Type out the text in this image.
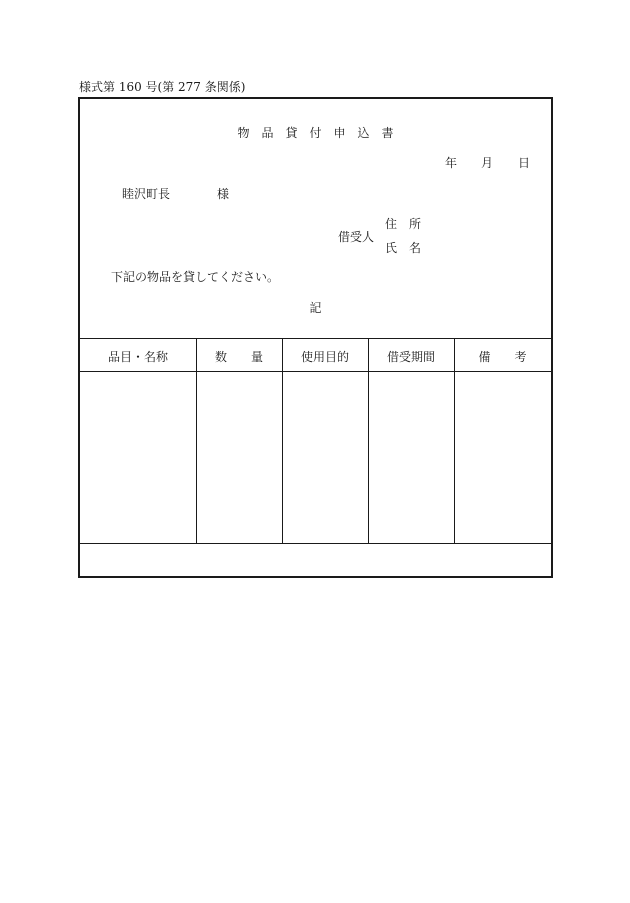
様式第 160 号(第 277 条関係)
物品貸付申込書
年	月	日
睦沢町長	様
借受人
住所
氏名
下記の物品を貸してください。
記
品目・名称	数　　量	使用目的	借受期間	備　　考
